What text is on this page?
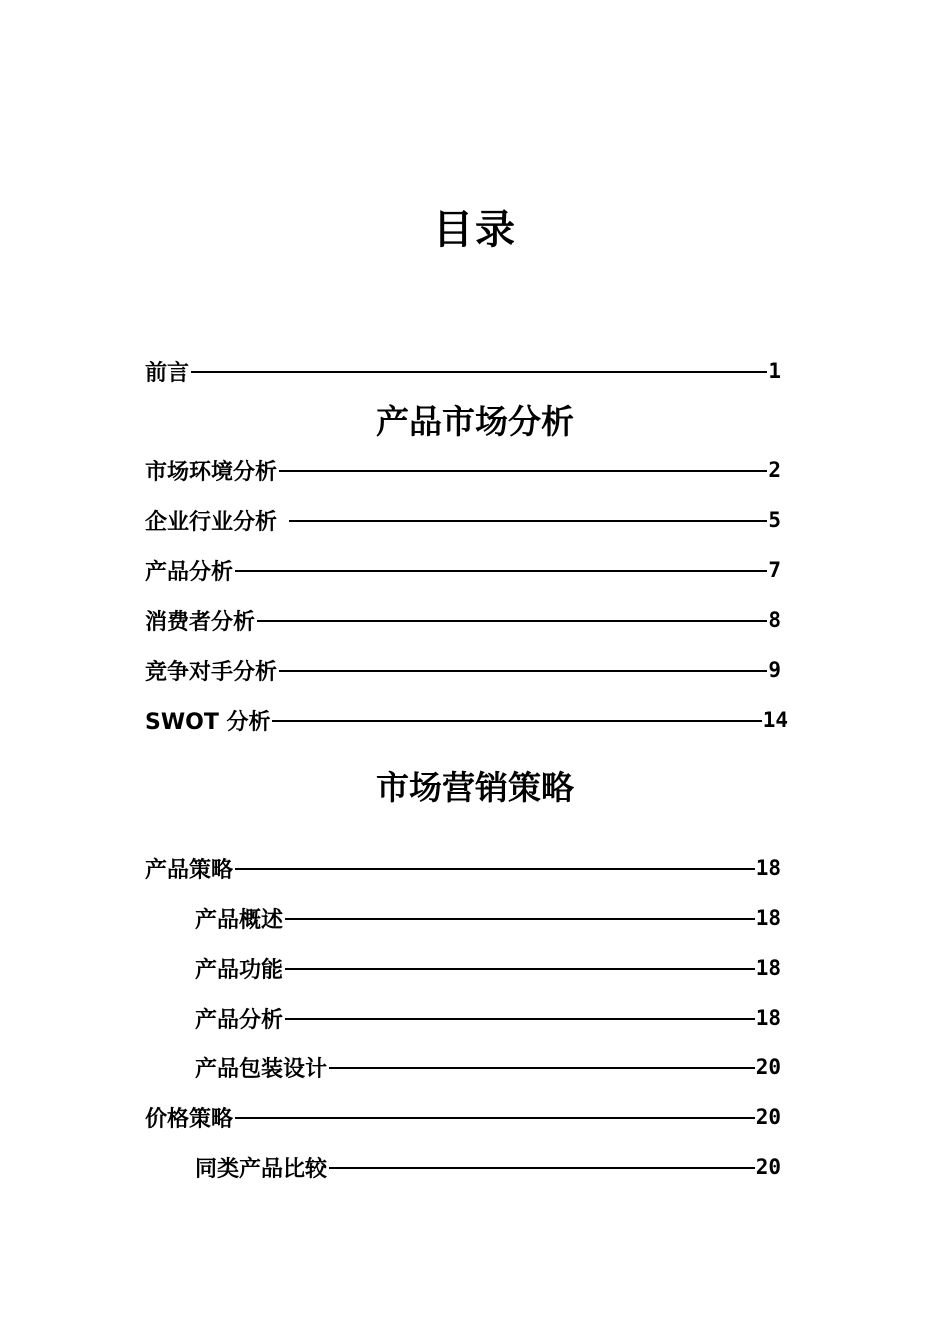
目录
前言	1
产品市场分析
市场环境分析	2
企业行业分析	5
产品分析	7
消费者分析	8
竞争对手分析	9
SWOT 分析	14
市场营销策略
产品策略	18
产品概述	18
产品功能	18
产品分析	18
产品包装设计	20
价格策略	20
同类产品比较	20
